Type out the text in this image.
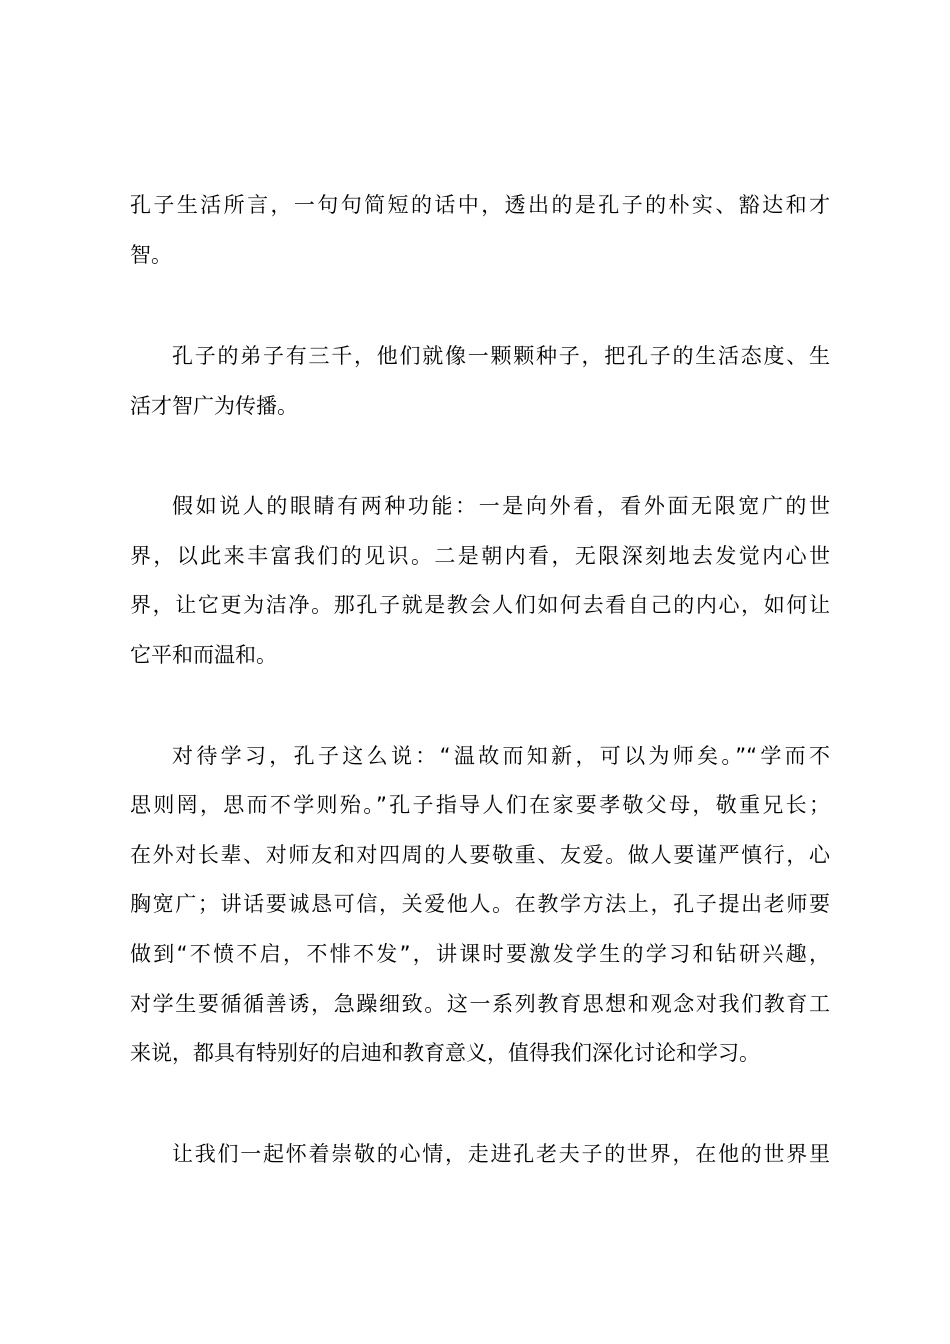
孔子生活所言，一句句简短的话中，透出的是孔子的朴实、豁达和才
智。
孔子的弟子有三千，他们就像一颗颗种子，把孔子的生活态度、生
活才智广为传播。
假如说人的眼睛有两种功能：一是向外看，看外面无限宽广的世
界，以此来丰富我们的见识。二是朝内看，无限深刻地去发觉内心世
界，让它更为洁净。那孔子就是教会人们如何去看自己的内心，如何让
它平和而温和。
对待学习，孔子这么说：“温故而知新，可以为师矣。”“学而不
思则罔，思而不学则殆。”孔子指导人们在家要孝敬父母，敬重兄长；
在外对长辈、对师友和对四周的人要敬重、友爱。做人要谨严慎行，心
胸宽广；讲话要诚恳可信，关爱他人。在教学方法上，孔子提出老师要
做到“不愤不启，不悱不发”，讲课时要激发学生的学习和钻研兴趣，
对学生要循循善诱，急躁细致。这一系列教育思想和观念对我们教育工
来说，都具有特别好的启迪和教育意义，值得我们深化讨论和学习。
让我们一起怀着崇敬的心情，走进孔老夫子的世界，在他的世界里
